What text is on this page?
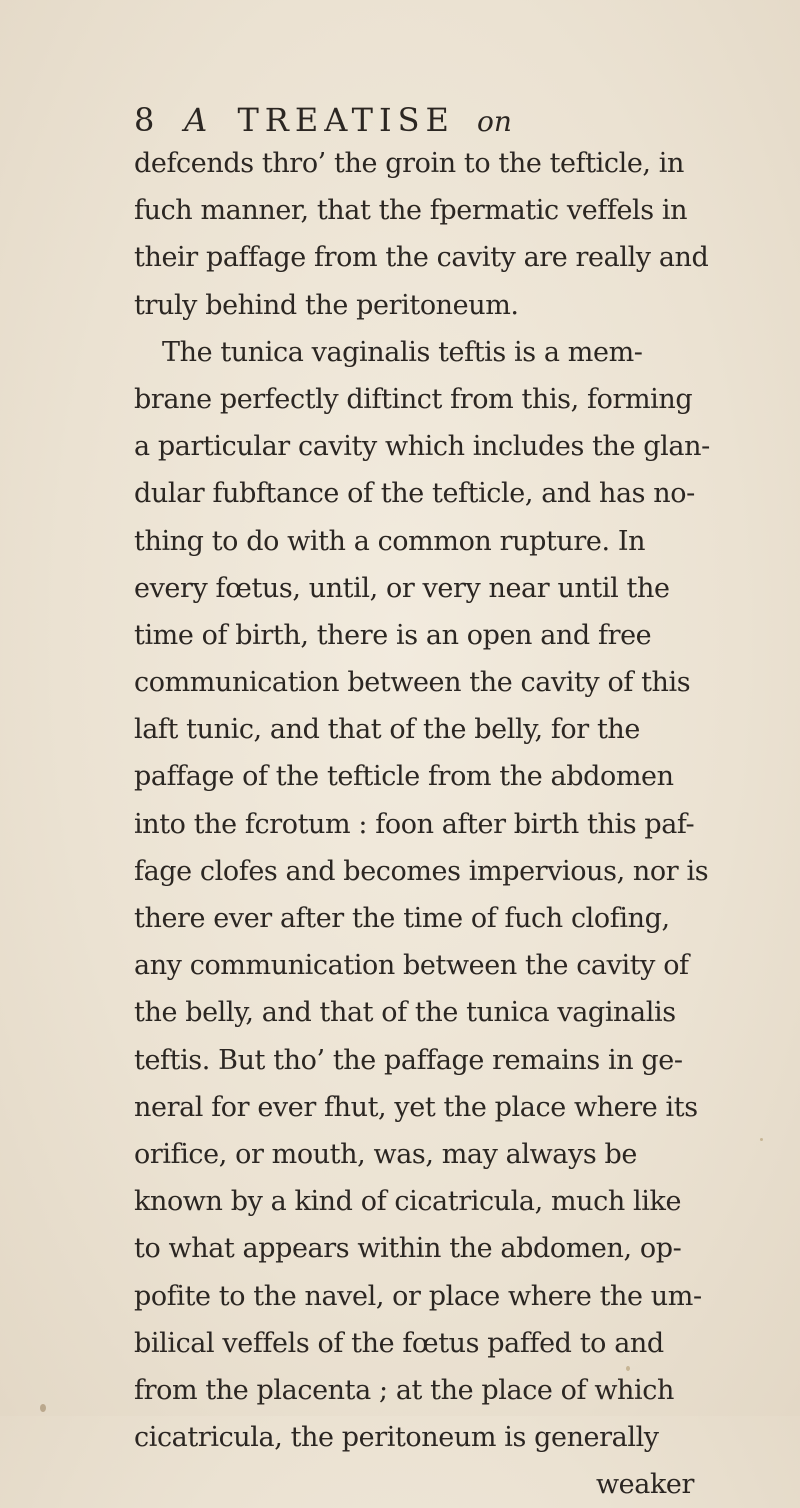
8 A TREATISE on
defcends thro’ the groin to the tefticle, in
fuch manner, that the fpermatic veffels in
their paffage from the cavity are really and
truly behind the peritoneum.
The tunica vaginalis teftis is a mem-
brane perfectly diftinct from this, forming
a particular cavity which includes the glan-
dular fubftance of the tefticle, and has no-
thing to do with a common rupture. In
every fœtus, until, or very near until the
time of birth, there is an open and free
communication between the cavity of this
laft tunic, and that of the belly, for the
paffage of the tefticle from the abdomen
into the fcrotum : foon after birth this paf-
fage clofes and becomes impervious, nor is
there ever after the time of fuch clofing,
any communication between the cavity of
the belly, and that of the tunica vaginalis
teftis. But tho’ the paffage remains in ge-
neral for ever fhut, yet the place where its
orifice, or mouth, was, may always be
known by a kind of cicatricula, much like
to what appears within the abdomen, op-
pofite to the navel, or place where the um-
bilical veffels of the fœtus paffed to and
from the placenta ; at the place of which
cicatricula, the peritoneum is generally
weaker
